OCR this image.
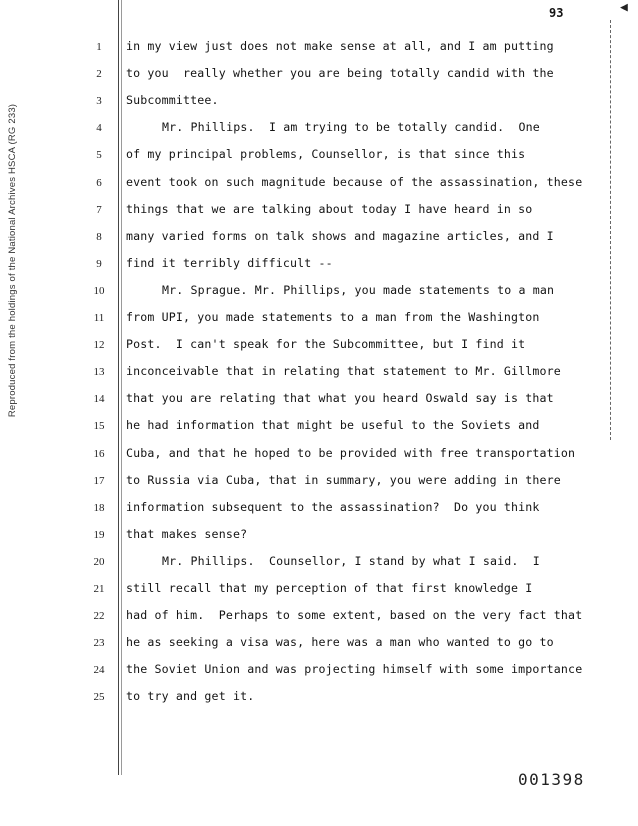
Reproduced from the holdings of the National Archives HSCA (RG 233)
93	◀
1
2
3
4
5
6
7
8
9
10
11
12
13
14
15
16
17
18
19
20
21
22
23
24
25
in my view just does not make sense at all, and I am putting
to you  really whether you are being totally candid with the
Subcommittee.
Mr. Phillips.  I am trying to be totally candid.  One
of my principal problems, Counsellor, is that since this
event took on such magnitude because of the assassination, these
things that we are talking about today I have heard in so
many varied forms on talk shows and magazine articles, and I
find it terribly difficult --
Mr. Sprague. Mr. Phillips, you made statements to a man
from UPI, you made statements to a man from the Washington
Post.  I can't speak for the Subcommittee, but I find it
inconceivable that in relating that statement to Mr. Gillmore
that you are relating that what you heard Oswald say is that
he had information that might be useful to the Soviets and
Cuba, and that he hoped to be provided with free transportation
to Russia via Cuba, that in summary, you were adding in there
information subsequent to the assassination?  Do you think
that makes sense?
Mr. Phillips.  Counsellor, I stand by what I said.  I
still recall that my perception of that first knowledge I
had of him.  Perhaps to some extent, based on the very fact that
he as seeking a visa was, here was a man who wanted to go to
the Soviet Union and was projecting himself with some importance
to try and get it.
001398
